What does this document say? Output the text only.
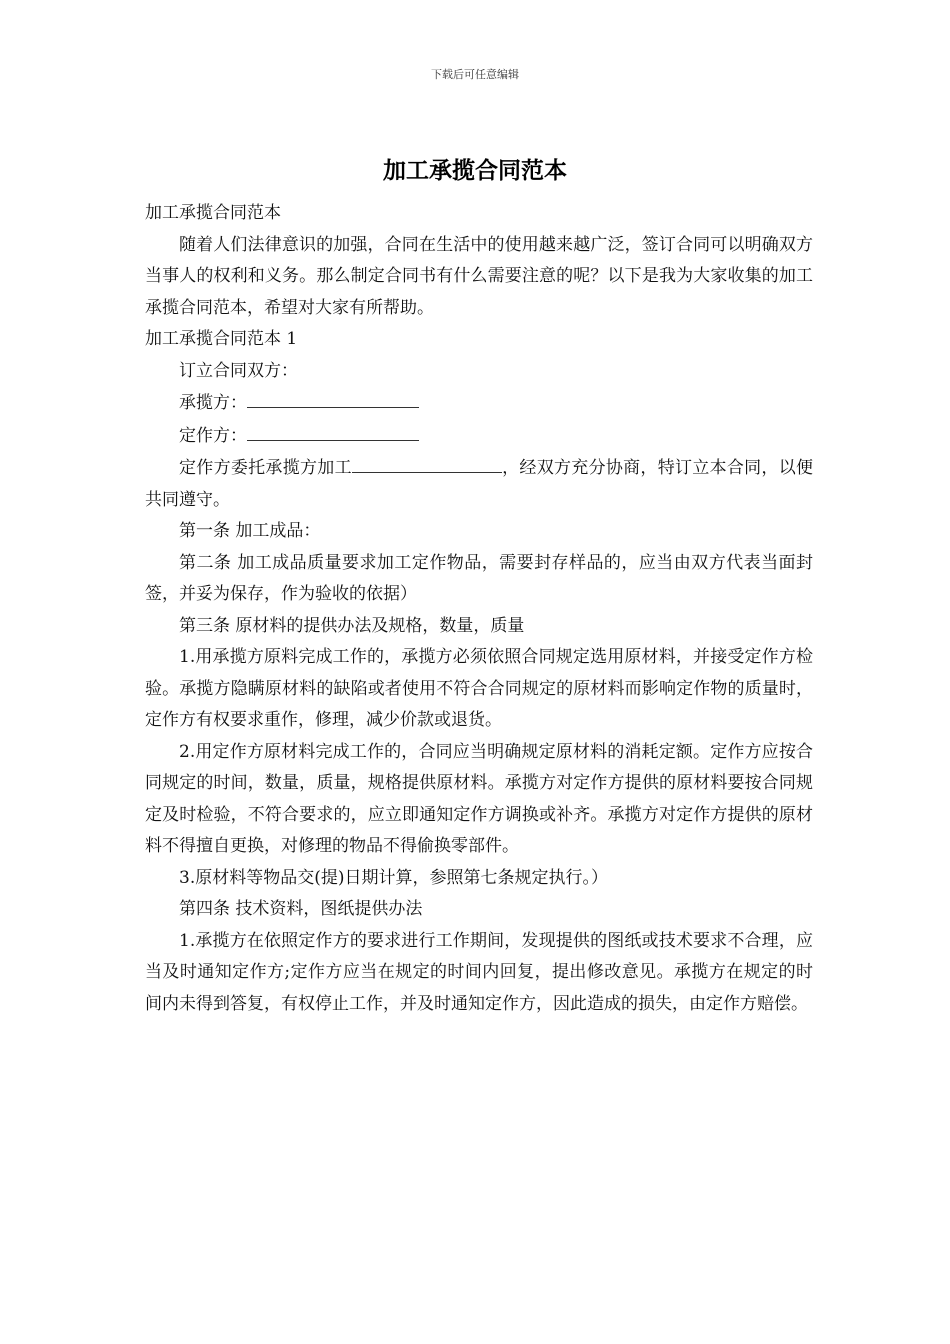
下载后可任意编辑
加工承揽合同范本

加工承揽合同范本

随着人们法律意识的加强，合同在生活中的使用越来越广泛，签订合同可以明确双方当事人的权利和义务。那么制定合同书有什么需要注意的呢？以下是我为大家收集的加工承揽合同范本，希望对大家有所帮助。

加工承揽合同范本 1

订立合同双方：

承揽方：

定作方：

定作方委托承揽方加工	，经双方充分协商，特订立本合同，以便共同遵守。

第一条 加工成品：

第二条 加工成品质量要求加工定作物品，需要封存样品的，应当由双方代表当面封签，并妥为保存，作为验收的依据）

第三条 原材料的提供办法及规格，数量，质量

1.用承揽方原料完成工作的，承揽方必须依照合同规定选用原材料，并接受定作方检验。承揽方隐瞒原材料的缺陷或者使用不符合合同规定的原材料而影响定作物的质量时，定作方有权要求重作，修理，减少价款或退货。

2.用定作方原材料完成工作的，合同应当明确规定原材料的消耗定额。定作方应按合同规定的时间，数量，质量，规格提供原材料。承揽方对定作方提供的原材料要按合同规定及时检验，不符合要求的，应立即通知定作方调换或补齐。承揽方对定作方提供的原材料不得擅自更换，对修理的物品不得偷换零部件。

3.原材料等物品交(提)日期计算，参照第七条规定执行。）

第四条 技术资料，图纸提供办法

1.承揽方在依照定作方的要求进行工作期间，发现提供的图纸或技术要求不合理，应当及时通知定作方;定作方应当在规定的时间内回复，提出修改意见。承揽方在规定的时间内未得到答复，有权停止工作，并及时通知定作方，因此造成的损失，由定作方赔偿。
